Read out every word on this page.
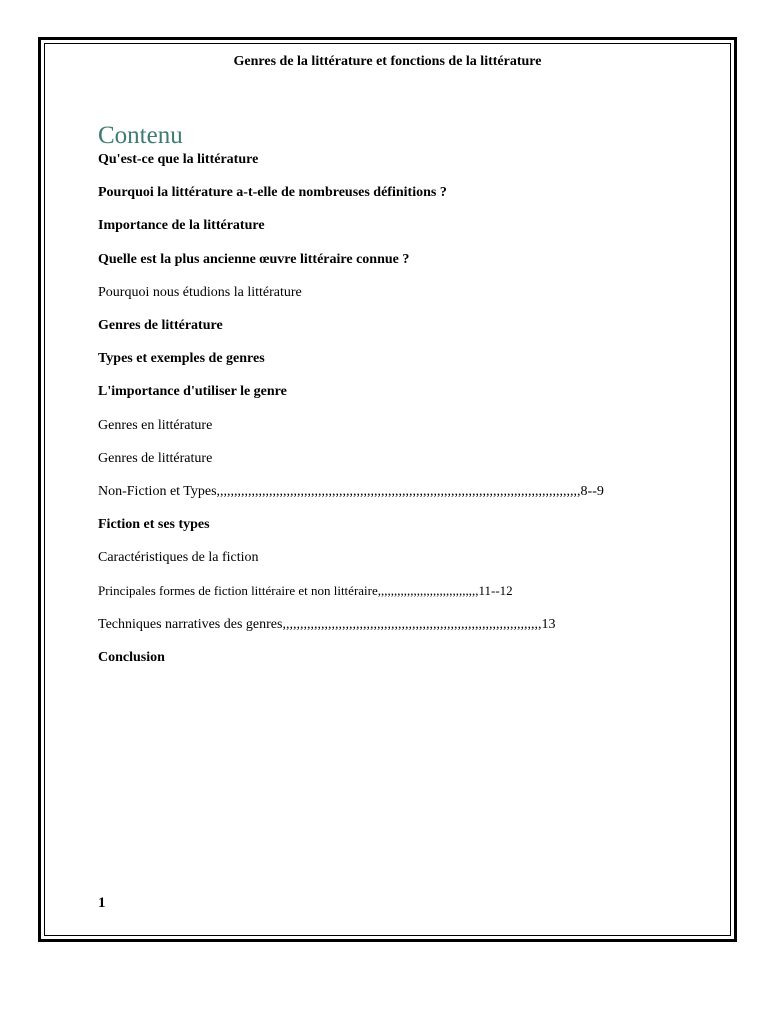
Genres de la littérature et fonctions de la littérature
Contenu
Qu'est-ce que la littérature
Pourquoi la littérature a-t-elle de nombreuses définitions ?
Importance de la littérature
Quelle est la plus ancienne œuvre littéraire connue ?
Pourquoi nous étudions la littérature
Genres de littérature
Types et exemples de genres
L'importance d'utiliser le genre
Genres en littérature
Genres de littérature
Non-Fiction et Types,,,,,,,,,,,,,,,,,,,,,,,,,,,,,,,,,,,,,,,,,,,,,,,,,,,,,,,,,,,,,,,,,,,,,,,,,,,,,,,,,,,,,,,,,,,,,,,,,,,,,,,,8--9
Fiction et ses types
Caractéristiques de la fiction
Principales formes de fiction littéraire et non littéraire,,,,,,,,,,,,,,,,,,,,,,,,,,,,,,,11--12
Techniques narratives des genres,,,,,,,,,,,,,,,,,,,,,,,,,,,,,,,,,,,,,,,,,,,,,,,,,,,,,,,,,,,,,,,,,,,,,,,,,,13
Conclusion
1
